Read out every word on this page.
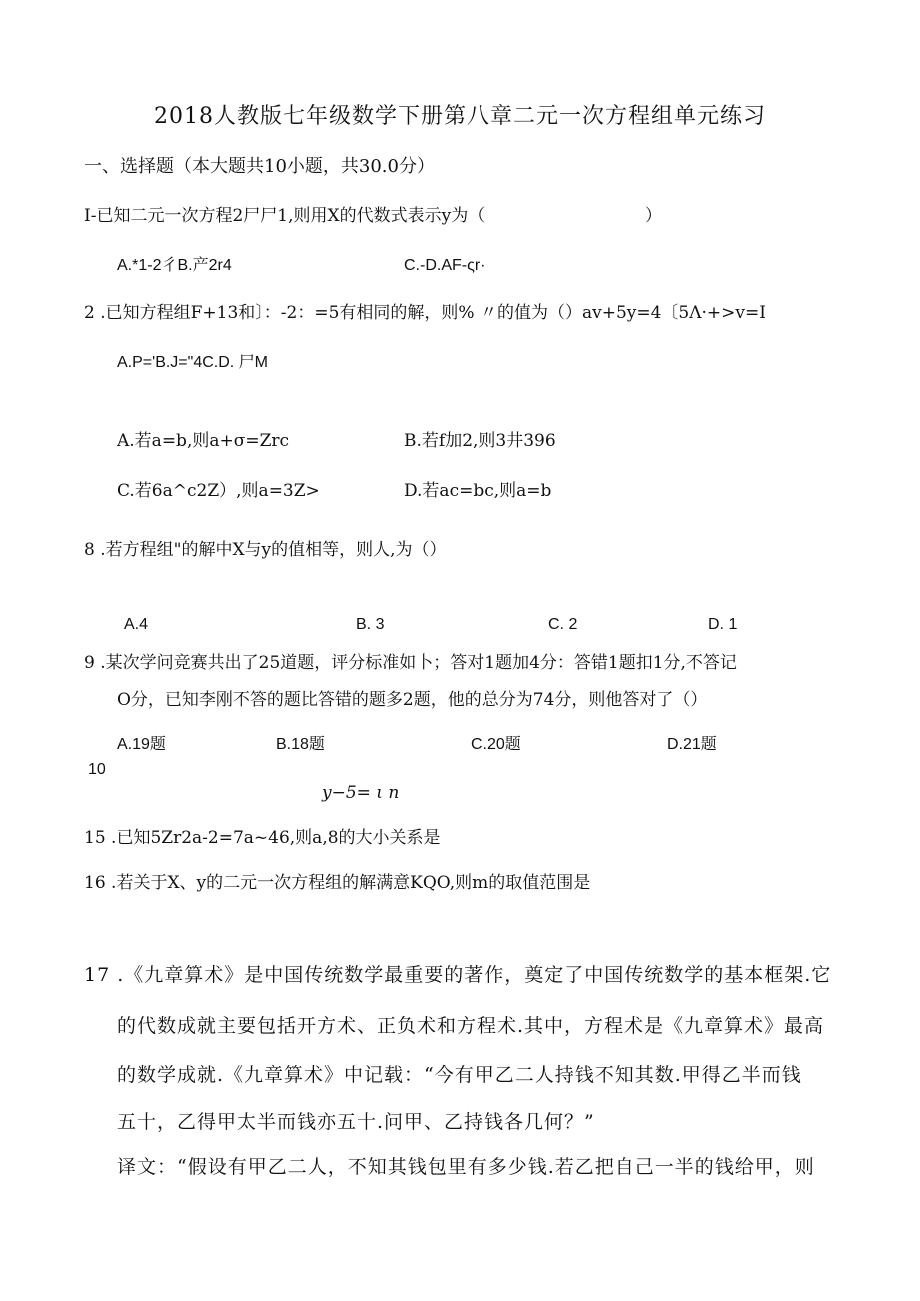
2018人教版七年级数学下册第八章二元一次方程组单元练习
一、选择题（本大题共10小题，共30.0分）
I-已知二元一次方程2尸尸1,则用X的代数式表示y为（	）
A.*1-2彳B.产2r4	C.-D.AF-ςr·
2 .已知方程组F+13和〕：-2：=5有相同的解，则% 〃的值为（）av+5y=4〔5Λ·+>v=I
A.P='B.J="4C.D. 尸M
A.若a=b,则a+σ=Zrc	B.若f加2,则3井396
C.若6a^c2Z）,则a=3Z>	D.若ac=bc,则a=b
8 .若方程组"的解中X与y的值相等，则人,为（）
A.4	B. 3	C. 2	D. 1
9 .某次学问竞赛共出了25道题，评分标准如卜；答对1题加4分：答错1题扣1分,不答记
O分，已知李刚不答的题比答错的题多2题，他的总分为74分，则他答对了（）
A.19题	B.18题	C.20题	D.21题
10
y−5= ι n
15 .已知5Zr2a-2=7a~46,则a,8的大小关系是
16 .若关于X、y的二元一次方程组的解满意KQO,则m的取值范围是
17 .《九章算术》是中国传统数学最重要的著作，奠定了中国传统数学的基本框架.它
的代数成就主要包括开方术、正负术和方程术.其中，方程术是《九章算术》最高
的数学成就.《九章算术》中记载：“今有甲乙二人持钱不知其数.甲得乙半而钱
五十，乙得甲太半而钱亦五十.问甲、乙持钱各几何？”
译文：“假设有甲乙二人，不知其钱包里有多少钱.若乙把自己一半的钱给甲，则
